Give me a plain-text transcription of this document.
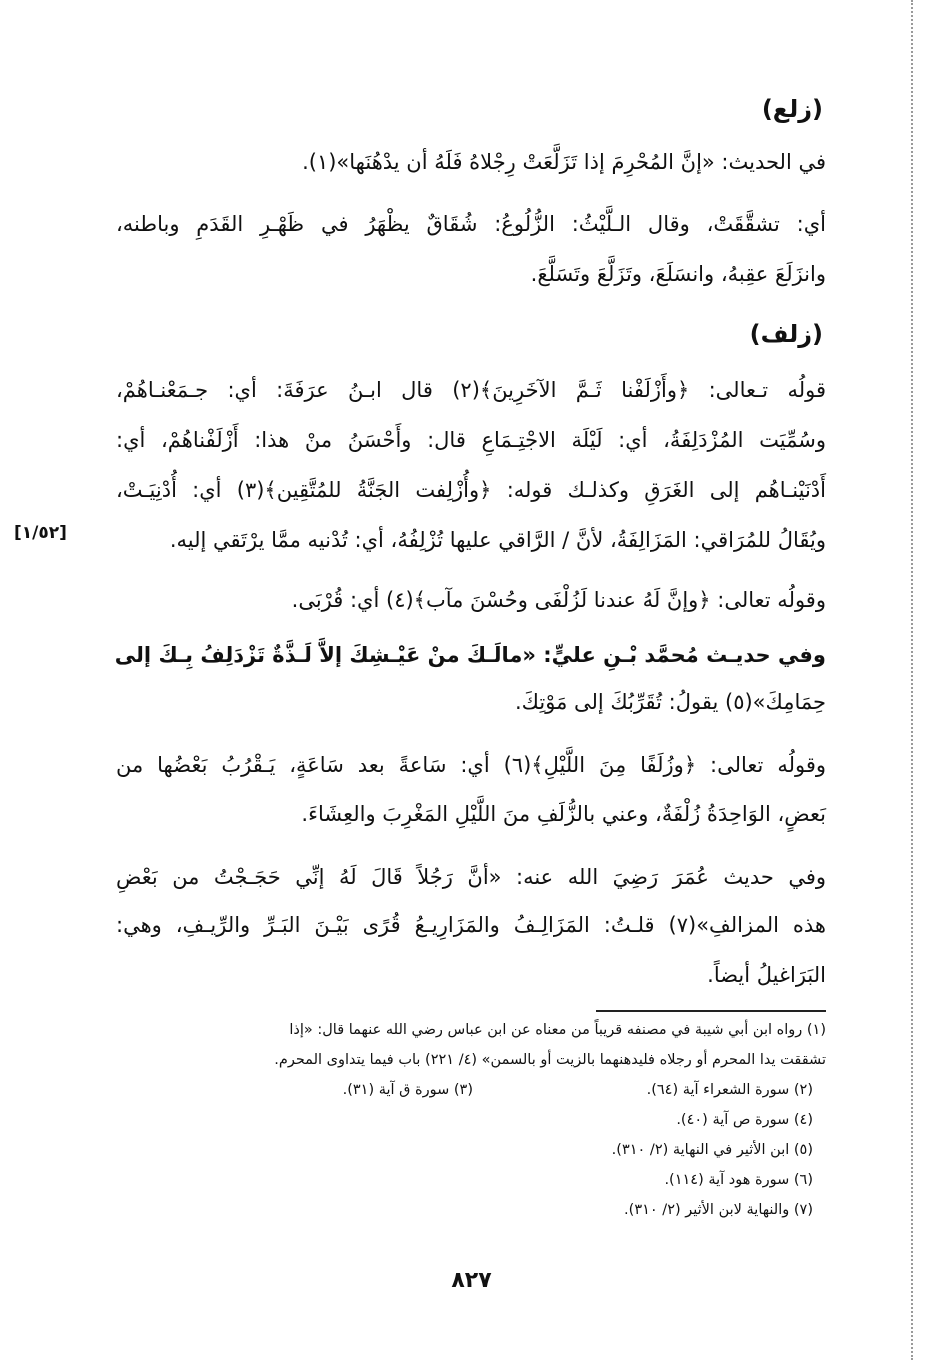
(زلع)
في الحديث: «إنَّ المُحْرِمَ إذا تَزَلَّعَتْ رِجْلاهُ فَلَهُ أن يدْهُنَها»(١).
أي: تشقَّقَتْ، وقال الـلَّيْثُ: الزُّلُوعُ: شُقَاقٌ يظْهَرُ في ظَهْـرِ القَدَمِ وباطنه،
وانزَلَعَ عقِبهُ، وانسَلَعَ، وتَزَلَّعَ وتَسَلَّعَ.
(زلف)
قولُه تـعالى: ﴿وأَزْلَفْنا ثَـمَّ الآخَرِينَ﴾(٢) قال ابـنُ عرَفَةَ: أي: جـمَعْنـاهُمْ،
وسُمِّيَت المُزْدَلِفَةُ، أي: لَيْلَة الاجْتِـمَاعِ قال: وأَحْسَنُ منْ هذا: أَزْلَفْناهُمْ، أي:
أَدْنَيْنـاهُم إلى الغَرَقِ وكذلـك قوله: ﴿وأُزْلِفت الجَنَّةُ للمُتَّقِين﴾(٣) أي: أُدْنِيَـتْ،
ويُقَالُ للمُرَاقي: المَزَالِفَةُ، لأنَّ / الرَّاقي عليها تُزْلِفُهُ، أي: تُدْنيه ممَّا يرْتَقي إليه.
[١/٥٢]
وقولُه تعالى: ﴿وإنَّ لَهُ عندنا لَزُلْفَى وحُسْنَ مآب﴾(٤) أي: قُرْبَى.
وفي حديـث مُحمَّد بْـنِ عليٍّ: «مالَـكَ منْ عَيْـشِكَ إلاَّ لَـذَّةٌ تَزْدَلِفُ بِـكَ إلى
حِمَامِكَ»(٥) يقولُ: تُقَرِّبُكَ إلى مَوْتِكَ.
وقولُه تعالى: ﴿وزُلَفًا مِنَ اللَّيْلِ﴾(٦) أي: سَاعةً بعد سَاعَةٍ، يَـقْرُبُ بَعْضُها من
بَعضٍ، الوَاحِدَةُ زُلْفَةٌ، وعني بالزُّلَفِ منَ اللَّيْلِ المَغْرِبَ والعِشَاءَ.
وفي حديث عُمَرَ رَضِيَ الله عنه: «أنَّ رَجُلاً قَالَ لَهُ إنِّي حَجَـجْتُ من بَعْضِ
هذه المزالفِ»(٧) قلـتُ: المَزَالِـفُ والمَزَارِيـعُ قُرًى بَيْـنَ البَـرِّ والرِّيـفِ، وهي:
البَرَاغيلُ أيضاً.
(١) رواه ابن أبي شيبة في مصنفه قريباً من معناه عن ابن عباس رضي الله عنهما قال: «إذا
تشققت يدا المحرم أو رجلاه فليدهنهما بالزيت أو بالسمن» (٤/ ٢٢١) باب فيما يتداوى المحرم.
(٢) سورة الشعراء آية (٦٤).
(٣) سورة ق آية (٣١).
(٤) سورة ص آية (٤٠).
(٥) ابن الأثير في النهاية (٢/ ٣١٠).
(٦) سورة هود آية (١١٤).
(٧) والنهاية لابن الأثير (٢/ ٣١٠).
٨٢٧
